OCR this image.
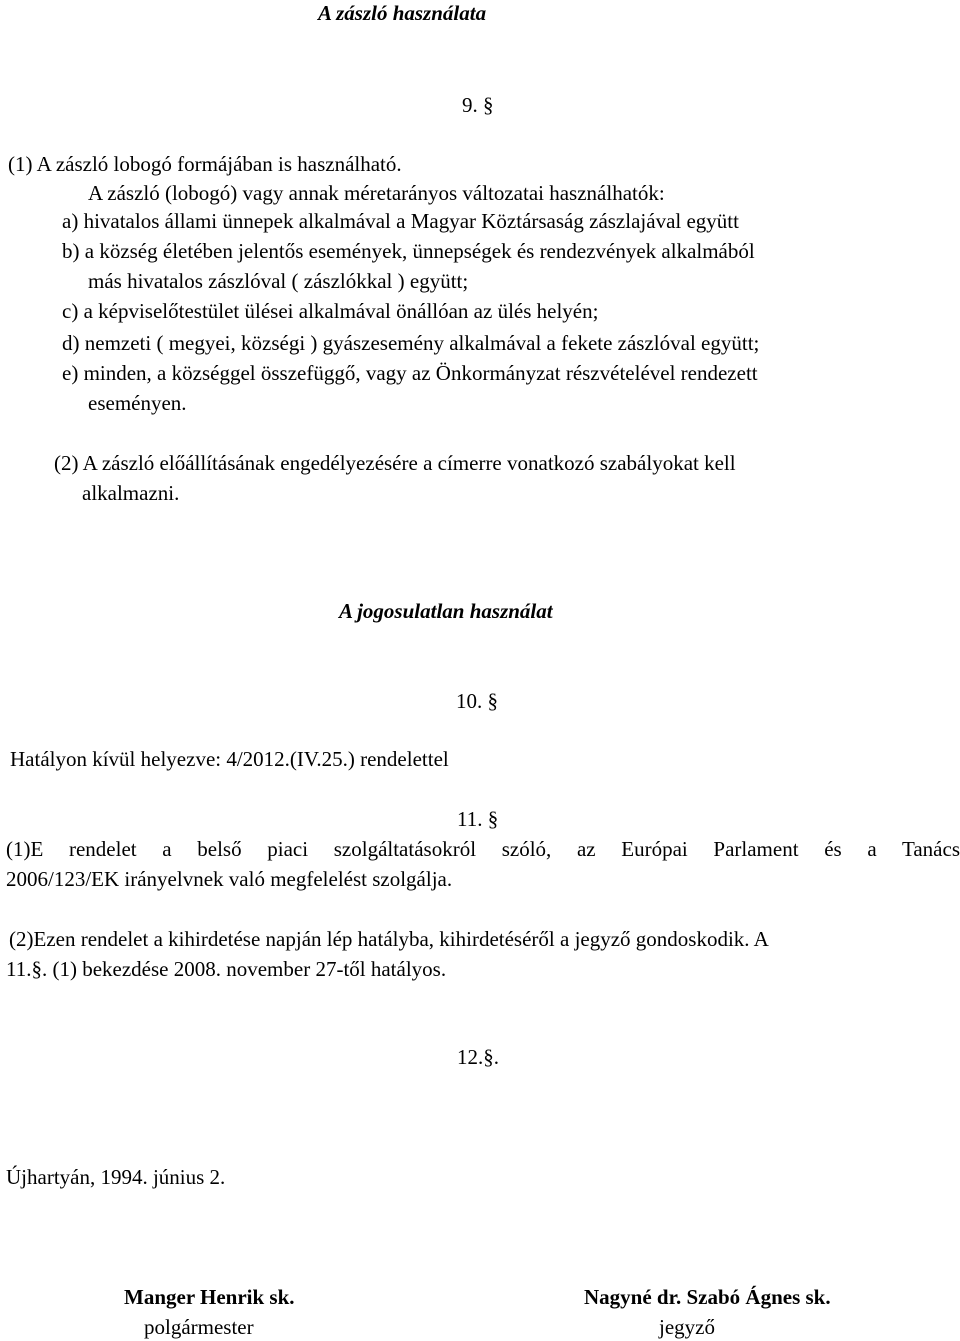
A zászló használata
9. §
(1) A zászló lobogó formájában is használható.
A zászló (lobogó) vagy annak méretarányos változatai használhatók:
a) hivatalos állami ünnepek alkalmával a Magyar Köztársaság zászlajával együtt
b) a község életében jelentős események, ünnepségek és rendezvények alkalmából
más hivatalos zászlóval ( zászlókkal ) együtt;
c) a képviselőtestület ülései alkalmával önállóan az ülés helyén;
d) nemzeti ( megyei, községi ) gyászesemény alkalmával a fekete zászlóval együtt;
e) minden, a községgel összefüggő, vagy az Önkormányzat részvételével rendezett
eseményen.
(2) A zászló előállításának engedélyezésére a címerre vonatkozó szabályokat kell
alkalmazni.
A jogosulatlan használat
10. §
Hatályon kívül helyezve: 4/2012.(IV.25.) rendelettel
11. §
(1)E rendelet a belső piaci szolgáltatásokról szóló, az Európai Parlament és a Tanács
2006/123/EK irányelvnek való megfelelést szolgálja.
(2)Ezen rendelet a kihirdetése napján lép hatályba, kihirdetéséről a jegyző gondoskodik. A
11.§. (1) bekezdése 2008. november 27-től hatályos.
12.§.
Újhartyán, 1994. június 2.
Manger Henrik sk.
polgármester
Nagyné dr. Szabó Ágnes sk.
jegyző
